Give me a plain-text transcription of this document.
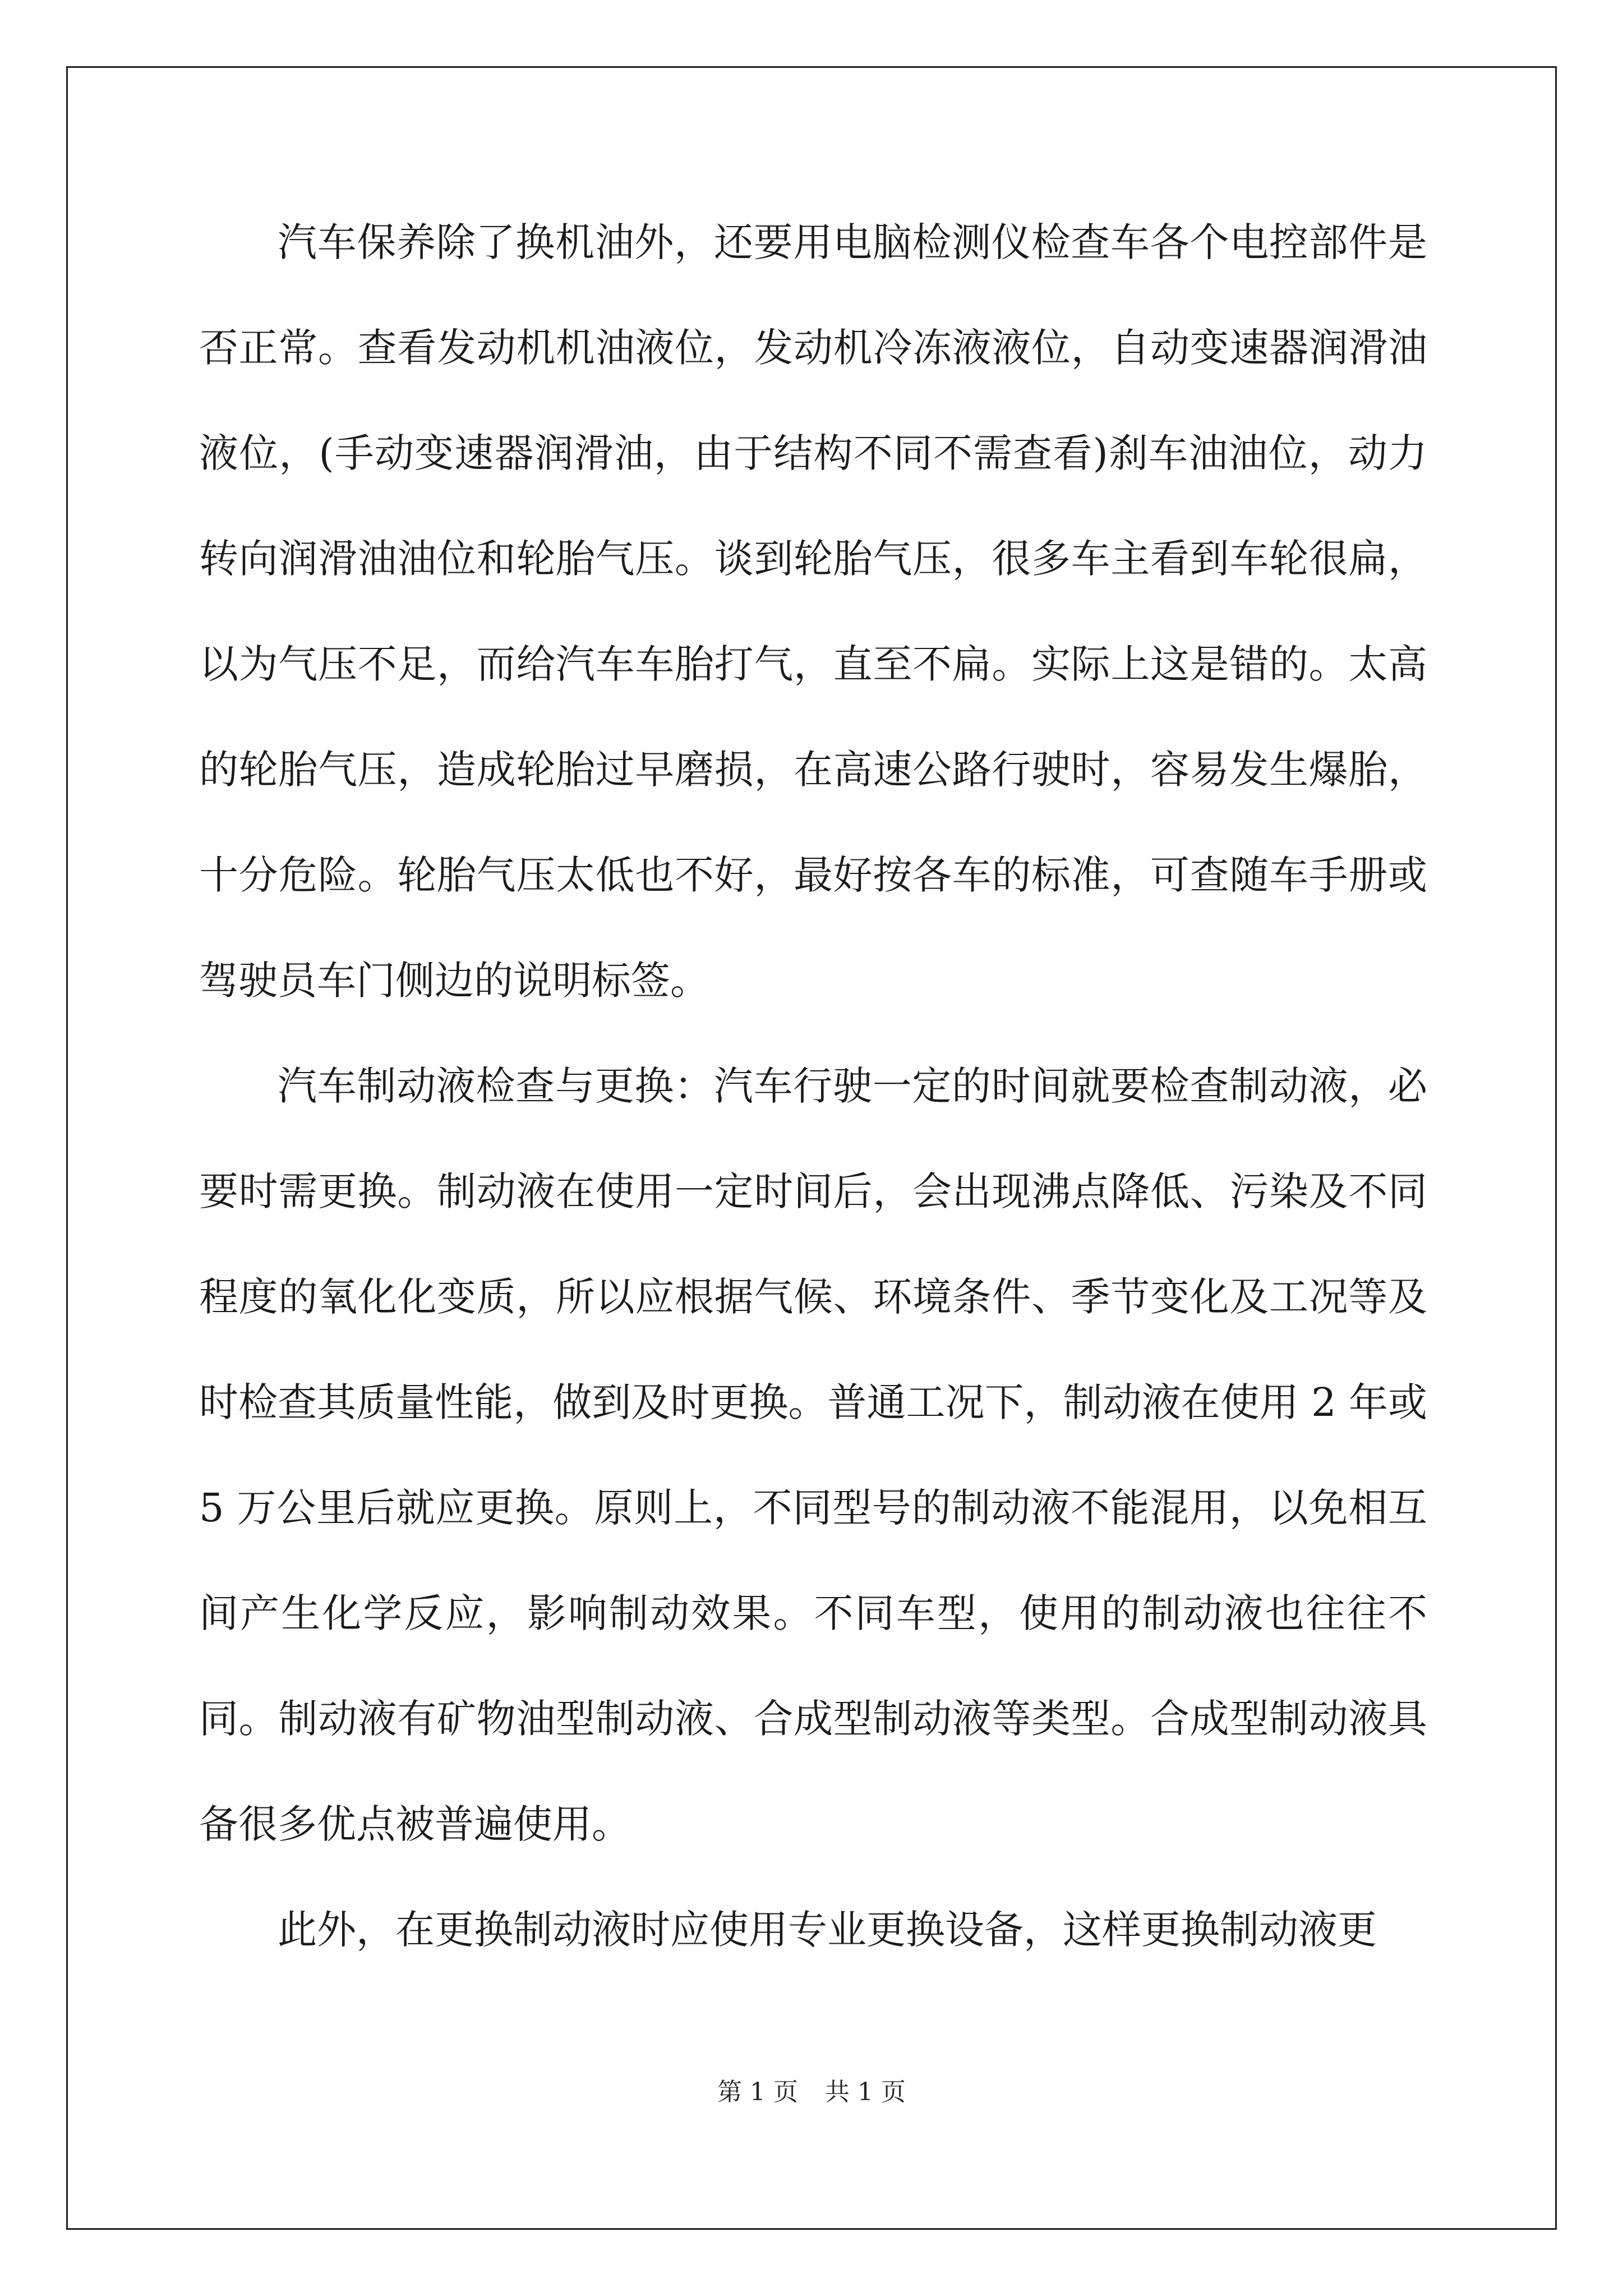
汽车保养除了换机油外，还要用电脑检测仪检查车各个电控部件是否正常。查看发动机机油液位，发动机冷冻液液位，自动变速器润滑油液位，(手动变速器润滑油，由于结构不同不需查看)刹车油油位，动力转向润滑油油位和轮胎气压。谈到轮胎气压，很多车主看到车轮很扁，以为气压不足，而给汽车车胎打气，直至不扁。实际上这是错的。太高的轮胎气压，造成轮胎过早磨损，在高速公路行驶时，容易发生爆胎，十分危险。轮胎气压太低也不好，最好按各车的标准，可查随车手册或驾驶员车门侧边的说明标签。

汽车制动液检查与更换：汽车行驶一定的时间就要检查制动液，必要时需更换。制动液在使用一定时间后，会出现沸点降低、污染及不同程度的氧化化变质，所以应根据气候、环境条件、季节变化及工况等及时检查其质量性能，做到及时更换。普通工况下，制动液在使用 2 年或 5 万公里后就应更换。原则上，不同型号的制动液不能混用，以免相互间产生化学反应，影响制动效果。不同车型，使用的制动液也往往不同。制动液有矿物油型制动液、合成型制动液等类型。合成型制动液具备很多优点被普遍使用。

此外，在更换制动液时应使用专业更换设备，这样更换制动液更

第 1 页 共 1 页
